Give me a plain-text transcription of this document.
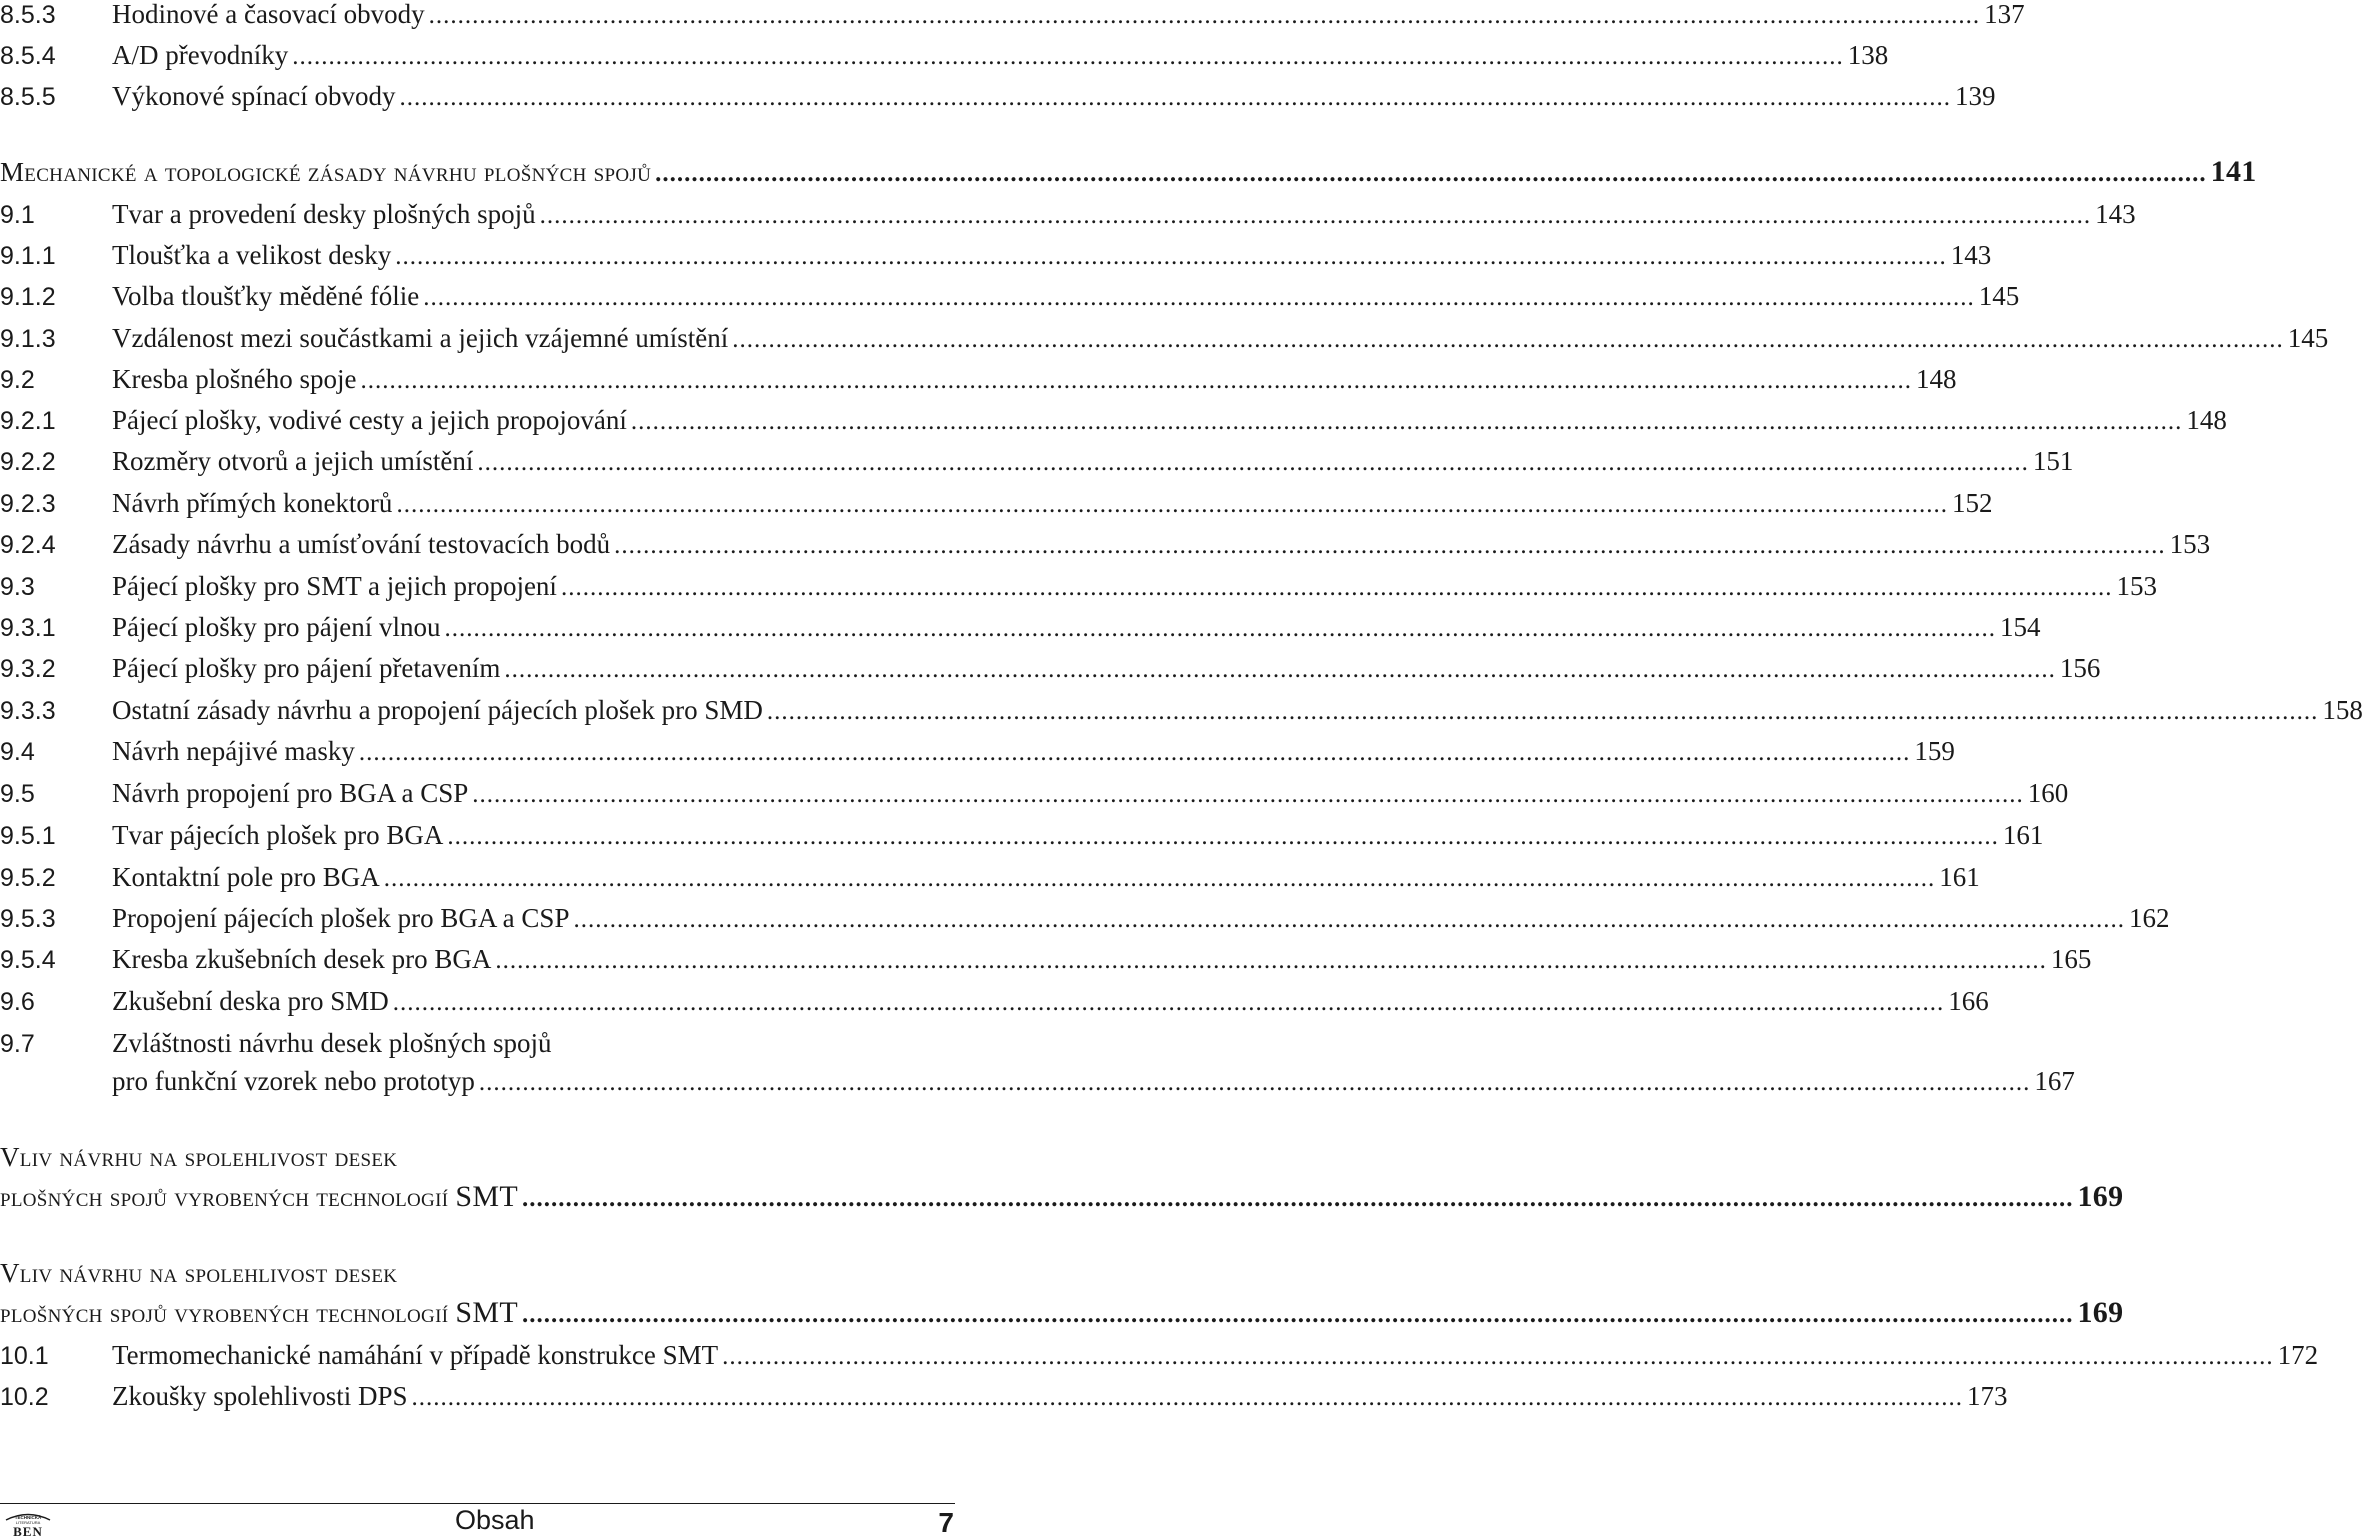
8.5.3	Hodinové a časovací obvody .....	137
8.5.4	A/D převodníky .....	138
8.5.5	Výkonové spínací obvody .....	139
Mechanické a topologické zásady návrhu plošných spojů .....	141
9.1	Tvar a provedení desky plošných spojů .....	143
9.1.1	Tloušťka a velikost desky .....	143
9.1.2	Volba tloušťky měděné fólie .....	145
9.1.3	Vzdálenost mezi součástkami a jejich vzájemné umístění .....	145
9.2	Kresba plošného spoje .....	148
9.2.1	Pájecí plošky, vodivé cesty a jejich propojování .....	148
9.2.2	Rozměry otvorů a jejich umístění .....	151
9.2.3	Návrh přímých konektorů .....	152
9.2.4	Zásady návrhu a umísťování testovacích bodů .....	153
9.3	Pájecí plošky pro SMT a jejich propojení .....	153
9.3.1	Pájecí plošky pro pájení vlnou .....	154
9.3.2	Pájecí plošky pro pájení přetavením .....	156
9.3.3	Ostatní zásady návrhu a propojení pájecích plošek pro SMD .....	158
9.4	Návrh nepájivé masky .....	159
9.5	Návrh propojení pro BGA a CSP .....	160
9.5.1	Tvar pájecích plošek pro BGA .....	161
9.5.2	Kontaktní pole pro BGA .....	161
9.5.3	Propojení pájecích plošek pro BGA a CSP .....	162
9.5.4	Kresba zkušebních desek pro BGA .....	165
9.6	Zkušební deska pro SMD .....	166
9.7	Zvláštnosti návrhu desek plošných spojů
pro funkční vzorek nebo prototyp .....	167
Vliv návrhu na spolehlivost desek
plošných spojů vyrobených technologií SMT .....	169
Vliv návrhu na spolehlivost desek
plošných spojů vyrobených technologií SMT .....	169
10.1	Termomechanické namáhání v případě konstrukce SMT .....	172
10.2	Zkoušky spolehlivosti DPS .....	173
TECHNICKÁ
LITERATURA
BEN	Obsah	7
